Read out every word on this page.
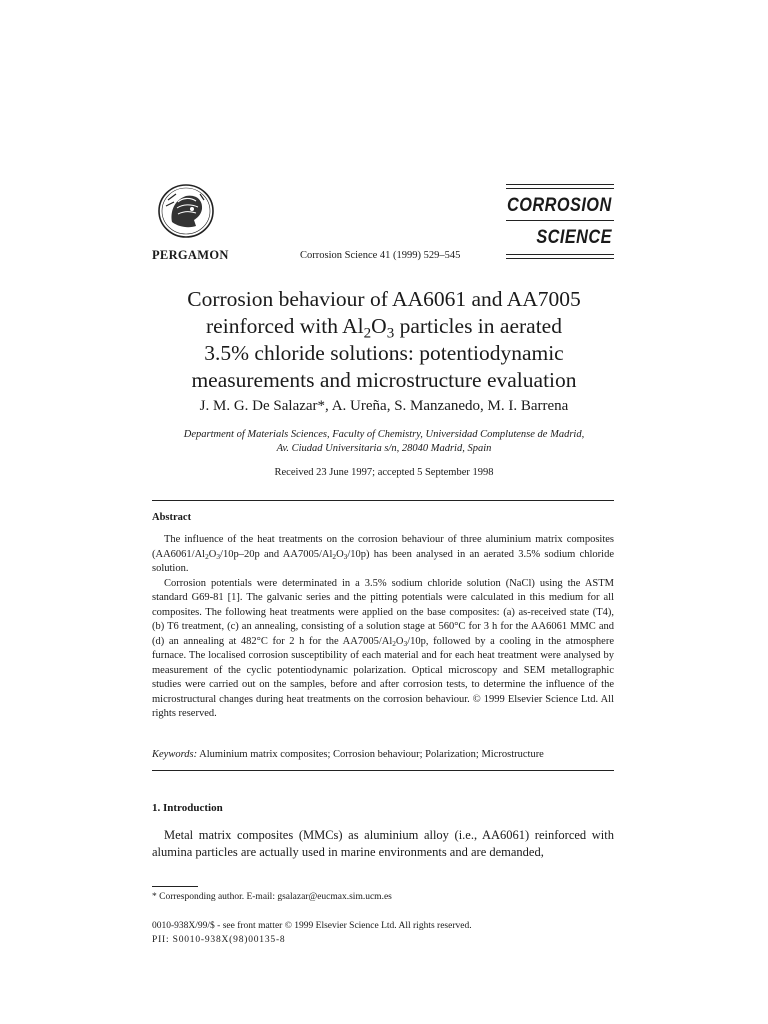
PERGAMON	Corrosion Science 41 (1999) 529–545
CORROSION
SCIENCE
Corrosion behaviour of AA6061 and AA7005
reinforced with $Al_2O_3$ particles in aerated
3.5% chloride solutions: potentiodynamic
measurements and microstructure evaluation
J. M. G. De Salazar*, A. Ureña, S. Manzanedo, M. I. Barrena
Department of Materials Sciences, Faculty of Chemistry, Universidad Complutense de Madrid,
Av. Ciudad Universitaria s/n, 28040 Madrid, Spain
Received 23 June 1997; accepted 5 September 1998
Abstract

The influence of the heat treatments on the corrosion behaviour of three aluminium matrix composites ($AA6061/Al_2O_3/10p-20p$ and $AA7005/Al_2O_3/10p$) has been analysed in an aerated 3.5% sodium chloride solution.

Corrosion potentials were determinated in a 3.5% sodium chloride solution (NaCl) using the ASTM standard G69-81 [1]. The galvanic series and the pitting potentials were calculated in this medium for all composites. The following heat treatments were applied on the base composites: (a) as-received state (T4), (b) T6 treatment, (c) an annealing, consisting of a solution stage at 560°C for 3 h for the AA6061 MMC and (d) an annealing at 482°C for 2 h for the $AA7005/Al_2O_3/10p$, followed by a cooling in the atmosphere furnace. The localised corrosion susceptibility of each material and for each heat treatment were analysed by measurement of the cyclic potentiodynamic polarization. Optical microscopy and SEM metallographic studies were carried out on the samples, before and after corrosion tests, to determine the influence of the microstructural changes during heat treatments on the corrosion behaviour. © 1999 Elsevier Science Ltd. All rights reserved.

Keywords: Aluminium matrix composites; Corrosion behaviour; Polarization; Microstructure
1. Introduction

Metal matrix composites (MMCs) as aluminium alloy (i.e., AA6061) reinforced with alumina particles are actually used in marine environments and are demanded,

* Corresponding author. E-mail: gsalazar@eucmax.sim.ucm.es
0010-938X/99/$ - see front matter © 1999 Elsevier Science Ltd. All rights reserved.
PII: S0010-938X(98)00135-8
